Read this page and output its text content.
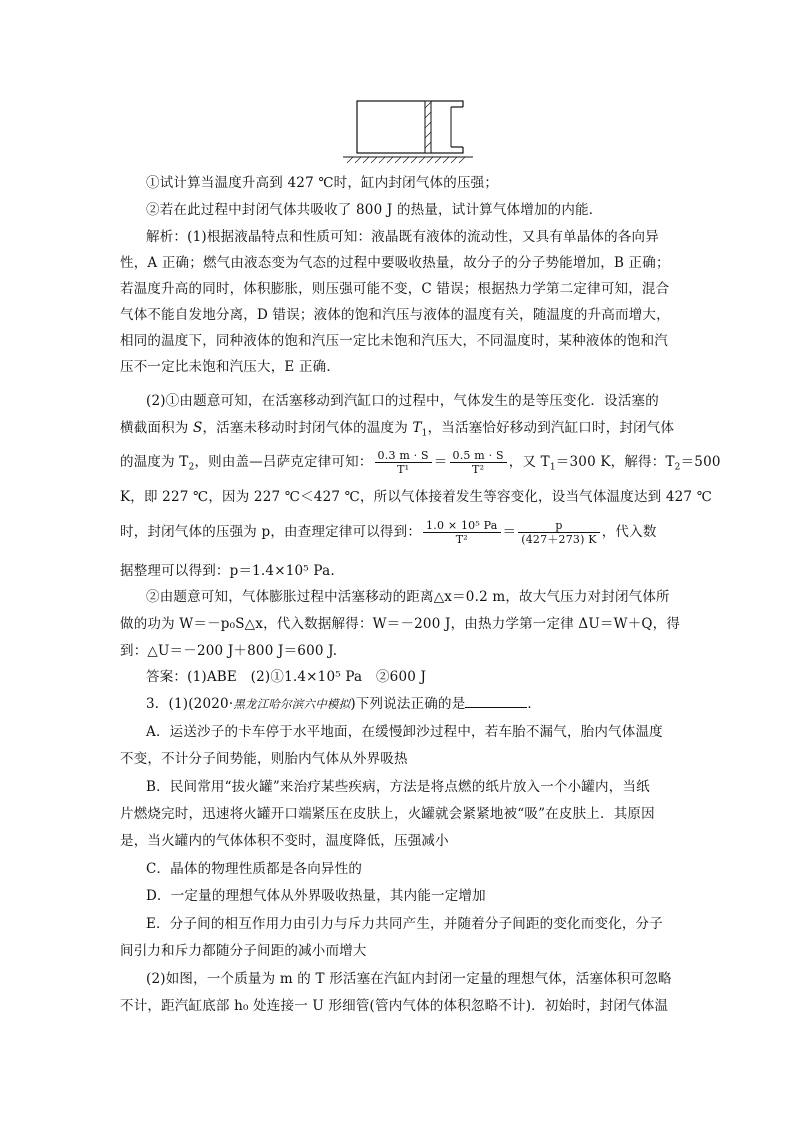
①试计算当温度升高到 427 ℃时，缸内封闭气体的压强；
②若在此过程中封闭气体共吸收了 800 J 的热量，试计算气体增加的内能．
解析：(1)根据液晶特点和性质可知：液晶既有液体的流动性，又具有单晶体的各向异
性，A 正确；燃气由液态变为气态的过程中要吸收热量，故分子的分子势能增加，B 正确；
若温度升高的同时，体积膨胀，则压强可能不变，C 错误；根据热力学第二定律可知，混合
气体不能自发地分离，D 错误；液体的饱和汽压与液体的温度有关，随温度的升高而增大，
相同的温度下，同种液体的饱和汽压一定比未饱和汽压大，不同温度时，某种液体的饱和汽
压不一定比未饱和汽压大，E 正确．
(2)①由题意可知，在活塞移动到汽缸口的过程中，气体发生的是等压变化．设活塞的
横截面积为 S，活塞未移动时封闭气体的温度为 $T_1$，当活塞恰好移动到汽缸口时，封闭气体
的温度为 $T_2$，则由盖—吕萨克定律可知： $\frac{0.3 m \cdot S}{\text{T¹}} = \frac{0.5 m \cdot S}{\text{T²}}$ ，又 $T_1=300$ K，解得：$T_2=500$
K，即 227 ℃，因为 227 ℃＜427 ℃，所以气体接着发生等容变化，设当气体温度达到 427 ℃
时，封闭气体的压强为 p，由查理定律可以得到： $\frac{\text{1.0 × 10⁵ Pa}}{\text{T²}} = \frac{p}{(427+273) K}$ ，代入数
据整理可以得到：p＝1.4×10⁵ Pa.
②由题意可知，气体膨胀过程中活塞移动的距离△x＝0.2 m，故大气压力对封闭气体所
做的功为 W＝－p₀S△x，代入数据解得：W＝－200 J，由热力学第一定律 ΔU＝W＋Q，得
到：△U＝－200 J＋800 J＝600 J.
答案：(1)ABE　(2)①1.4×10⁵ Pa　②600 J
3．(1)(2020·黑龙江哈尔滨六中模拟)下列说法正确的是	．
A．运送沙子的卡车停于水平地面，在缓慢卸沙过程中，若车胎不漏气，胎内气体温度
不变，不计分子间势能，则胎内气体从外界吸热
B．民间常用“拔火罐”来治疗某些疾病，方法是将点燃的纸片放入一个小罐内，当纸
片燃烧完时，迅速将火罐开口端紧压在皮肤上，火罐就会紧紧地被“吸”在皮肤上．其原因
是，当火罐内的气体体积不变时，温度降低，压强减小
C．晶体的物理性质都是各向异性的
D．一定量的理想气体从外界吸收热量，其内能一定增加
E．分子间的相互作用力由引力与斥力共同产生，并随着分子间距的变化而变化，分子
间引力和斥力都随分子间距的减小而增大
(2)如图，一个质量为 m 的 T 形活塞在汽缸内封闭一定量的理想气体，活塞体积可忽略
不计，距汽缸底部 h₀ 处连接一 U 形细管(管内气体的体积忽略不计)．初始时，封闭气体温
